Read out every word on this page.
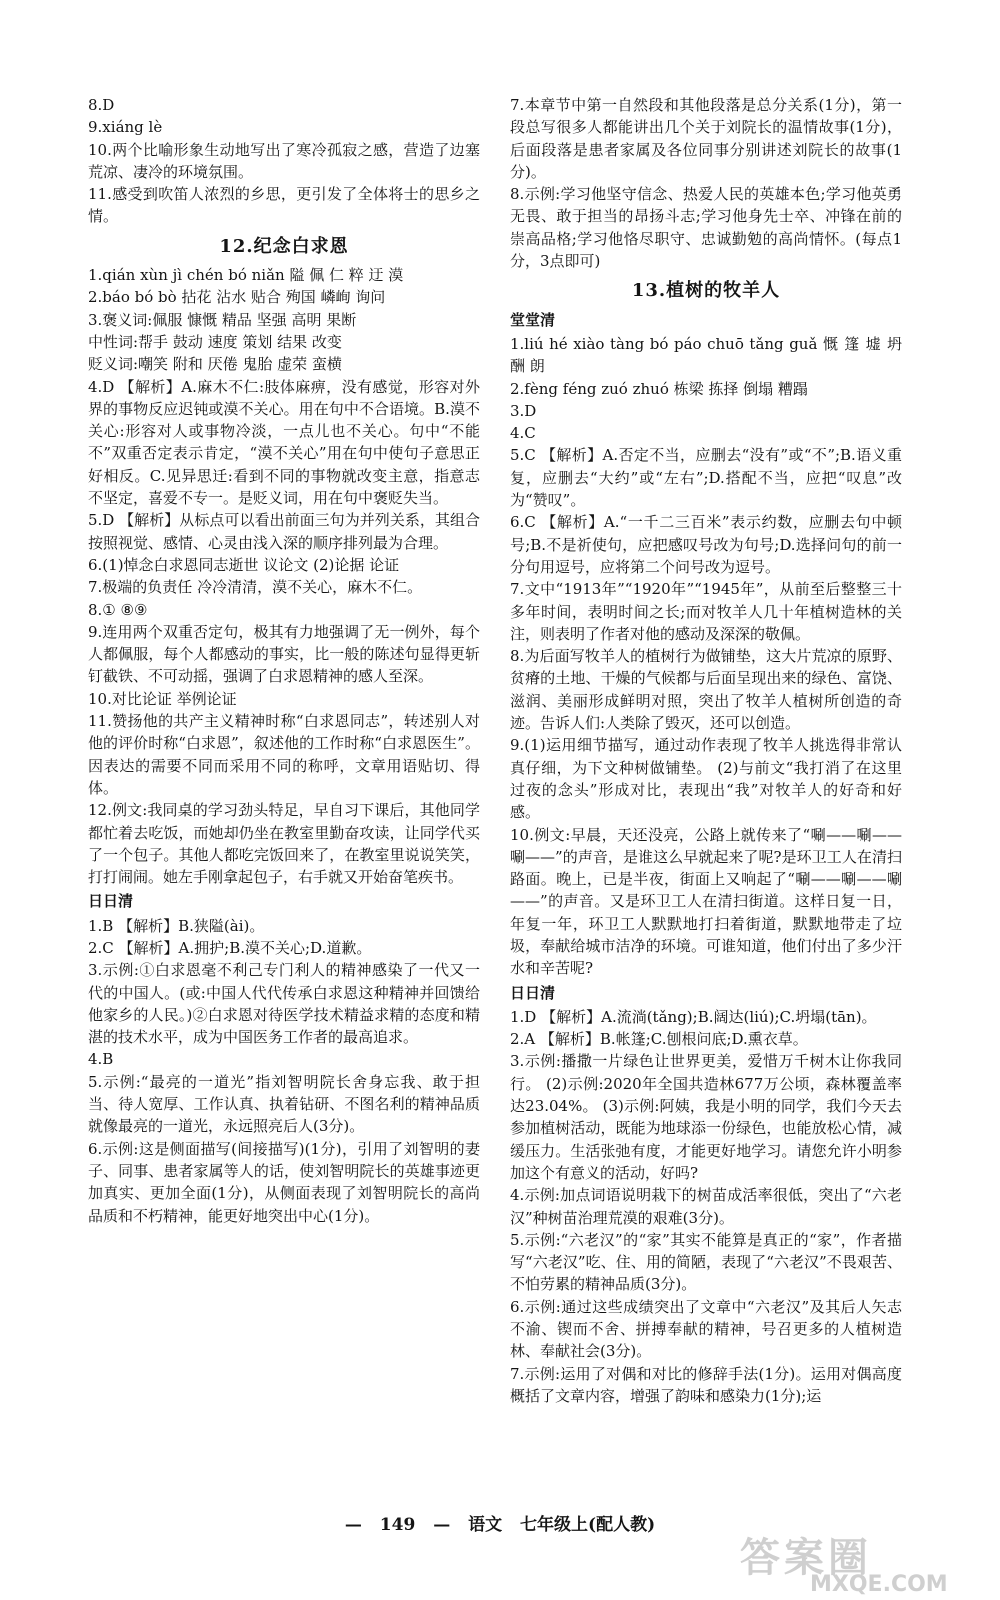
8.D

9.xiáng lè

10.两个比喻形象生动地写出了寒冷孤寂之感，营造了边塞荒凉、凄冷的环境氛围。

11.感受到吹笛人浓烈的乡思，更引发了全体将士的思乡之情。

12.纪念白求恩

1.qián xùn jì chén bó niǎn 隘 佩 仁 粹 迂 漠

2.báo bó bò 拈花 沾水 贴合 殉国 嶙峋 询问

3.褒义词:佩服 慷慨 精品 坚强 高明 果断

中性词:帮手 鼓动 速度 策划 结果 改变

贬义词:嘲笑 附和 厌倦 鬼胎 虚荣 蛮横

4.D 【解析】A.麻木不仁:肢体麻痹，没有感觉，形容对外界的事物反应迟钝或漠不关心。用在句中不合语境。B.漠不关心:形容对人或事物冷淡，一点儿也不关心。句中“不能不”双重否定表示肯定，“漠不关心”用在句中使句子意思正好相反。C.见异思迁:看到不同的事物就改变主意，指意志不坚定，喜爱不专一。是贬义词，用在句中褒贬失当。

5.D 【解析】从标点可以看出前面三句为并列关系，其组合按照视觉、感情、心灵由浅入深的顺序排列最为合理。

6.(1)悼念白求恩同志逝世 议论文 (2)论据 论证

7.极端的负责任 冷冷清清，漠不关心，麻木不仁。

8.① ⑧⑨

9.连用两个双重否定句，极其有力地强调了无一例外，每个人都佩服，每个人都感动的事实，比一般的陈述句显得更斩钉截铁、不可动摇，强调了白求恩精神的感人至深。

10.对比论证 举例论证

11.赞扬他的共产主义精神时称“白求恩同志”，转述别人对他的评价时称“白求恩”，叙述他的工作时称“白求恩医生”。因表达的需要不同而采用不同的称呼，文章用语贴切、得体。

12.例文:我同桌的学习劲头特足，早自习下课后，其他同学都忙着去吃饭，而她却仍坐在教室里勤奋攻读，让同学代买了一个包子。其他人都吃完饭回来了，在教室里说说笑笑，打打闹闹。她左手刚拿起包子，右手就又开始奋笔疾书。

日日清

1.B 【解析】B.狭隘(ài)。

2.C 【解析】A.拥护;B.漠不关心;D.道歉。

3.示例:①白求恩毫不利己专门利人的精神感染了一代又一代的中国人。(或:中国人代代传承白求恩这种精神并回馈给他家乡的人民。)②白求恩对待医学技术精益求精的态度和精湛的技术水平，成为中国医务工作者的最高追求。

4.B

5.示例:“最亮的一道光”指刘智明院长舍身忘我、敢于担当、待人宽厚、工作认真、执着钻研、不图名利的精神品质就像最亮的一道光，永远照亮后人(3分)。

6.示例:这是侧面描写(间接描写)(1分)，引用了刘智明的妻子、同事、患者家属等人的话，使刘智明院长的英雄事迹更加真实、更加全面(1分)，从侧面表现了刘智明院长的高尚品质和不朽精神，能更好地突出中心(1分)。

7.本章节中第一自然段和其他段落是总分关系(1分)，第一段总写很多人都能讲出几个关于刘院长的温情故事(1分)，后面段落是患者家属及各位同事分别讲述刘院长的故事(1分)。

8.示例:学习他坚守信念、热爱人民的英雄本色;学习他英勇无畏、敢于担当的昂扬斗志;学习他身先士卒、冲锋在前的崇高品格;学习他恪尽职守、忠诚勤勉的高尚情怀。(每点1分，3点即可)

13.植树的牧羊人

堂堂清

1.liú hé xiào tàng bó páo chuō tǎng guǎ 慨 篷 墟 坍 酬 朗

2.fèng féng zuó zhuó 栋梁 拣择 倒塌 糟蹋

3.D

4.C

5.C 【解析】A.否定不当，应删去“没有”或“不”;B.语义重复，应删去“大约”或“左右”;D.搭配不当，应把“叹息”改为“赞叹”。

6.C 【解析】A.“一千二三百米”表示约数，应删去句中顿号;B.不是祈使句，应把感叹号改为句号;D.选择问句的前一分句用逗号，应将第二个问号改为逗号。

7.文中“1913年”“1920年”“1945年”，从前至后整整三十多年时间，表明时间之长;而对牧羊人几十年植树造林的关注，则表明了作者对他的感动及深深的敬佩。

8.为后面写牧羊人的植树行为做铺垫，这大片荒凉的原野、贫瘠的土地、干燥的气候都与后面呈现出来的绿色、富饶、滋润、美丽形成鲜明对照，突出了牧羊人植树所创造的奇迹。告诉人们:人类除了毁灭，还可以创造。

9.(1)运用细节描写，通过动作表现了牧羊人挑选得非常认真仔细，为下文种树做铺垫。 (2)与前文“我打消了在这里过夜的念头”形成对比，表现出“我”对牧羊人的好奇和好感。

10.例文:早晨，天还没亮，公路上就传来了“唰——唰——唰——”的声音，是谁这么早就起来了呢?是环卫工人在清扫路面。晚上，已是半夜，街面上又响起了“唰——唰——唰——”的声音。又是环卫工人在清扫街道。这样日复一日，年复一年，环卫工人默默地打扫着街道，默默地带走了垃圾，奉献给城市洁净的环境。可谁知道，他们付出了多少汗水和辛苦呢?

日日清

1.D 【解析】A.流淌(tǎng);B.阔达(liú);C.坍塌(tān)。

2.A 【解析】B.帐篷;C.刨根问底;D.熏衣草。

3.示例:播撒一片绿色让世界更美，爱惜万千树木让你我同行。 (2)示例:2020年全国共造林677万公顷，森林覆盖率达23.04%。 (3)示例:阿姨，我是小明的同学，我们今天去参加植树活动，既能为地球添一份绿色，也能放松心情，减缓压力。生活张弛有度，才能更好地学习。请您允许小明参加这个有意义的活动，好吗?

4.示例:加点词语说明栽下的树苗成活率很低，突出了“六老汉”种树苗治理荒漠的艰难(3分)。

5.示例:“六老汉”的“家”其实不能算是真正的“家”，作者描写“六老汉”吃、住、用的简陋，表现了“六老汉”不畏艰苦、不怕劳累的精神品质(3分)。

6.示例:通过这些成绩突出了文章中“六老汉”及其后人矢志不渝、锲而不舍、拼搏奉献的精神，号召更多的人植树造林、奉献社会(3分)。

7.示例:运用了对偶和对比的修辞手法(1分)。运用对偶高度概括了文章内容，增强了韵味和感染力(1分);运

— 149 — 语文 七年级上(配人教)
答案圈
MXQE.COM
